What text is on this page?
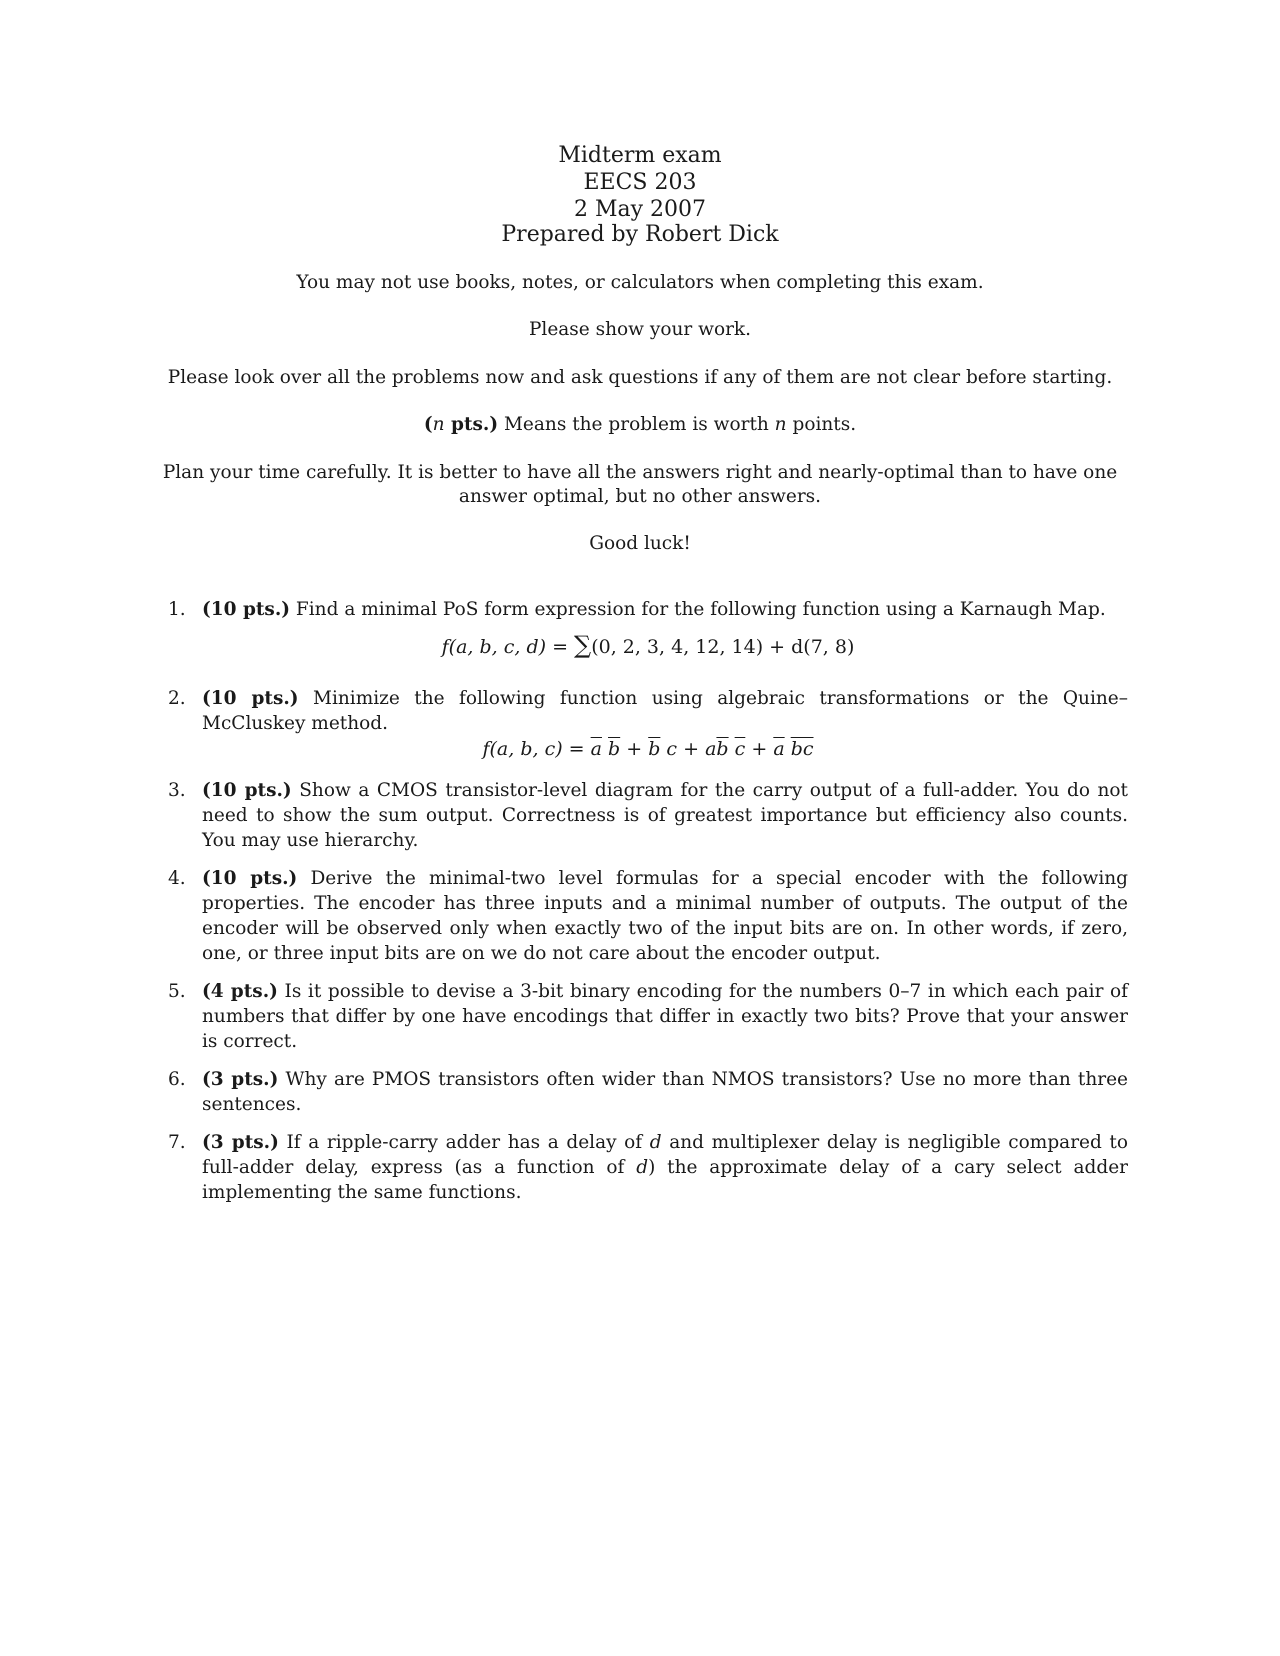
Midterm exam
EECS 203
2 May 2007
Prepared by Robert Dick
You may not use books, notes, or calculators when completing this exam.
Please show your work.
Please look over all the problems now and ask questions if any of them are not clear before starting.
(n pts.) Means the problem is worth n points.
Plan your time carefully. It is better to have all the answers right and nearly-optimal than to have one
answer optimal, but no other answers.
Good luck!
1. (10 pts.) Find a minimal PoS form expression for the following function using a Karnaugh Map.
f(a, b, c, d) = ∑(0, 2, 3, 4, 12, 14) + d(7, 8)
2. (10 pts.) Minimize the following function using algebraic transformations or the Quine–McCluskey method.
f(a, b, $c) = \overline{a}$ $\overline{b} + \overline{b}$ $c + a\overline{b}$ $\overline{c} + \overline{a}$ $\overline{bc}$
3. (10 pts.) Show a CMOS transistor-level diagram for the carry output of a full-adder. You do not need to show the sum output. Correctness is of greatest importance but efficiency also counts. You may use hierarchy.
4. (10 pts.) Derive the minimal-two level formulas for a special encoder with the following properties. The encoder has three inputs and a minimal number of outputs. The output of the encoder will be observed only when exactly two of the input bits are on. In other words, if zero, one, or three input bits are on we do not care about the encoder output.
5. (4 pts.) Is it possible to devise a 3-bit binary encoding for the numbers 0–7 in which each pair of numbers that differ by one have encodings that differ in exactly two bits? Prove that your answer is correct.
6. (3 pts.) Why are PMOS transistors often wider than NMOS transistors? Use no more than three sentences.
7. (3 pts.) If a ripple-carry adder has a delay of d and multiplexer delay is negligible compared to full-adder delay, express (as a function of d) the approximate delay of a cary select adder implementing the same functions.
